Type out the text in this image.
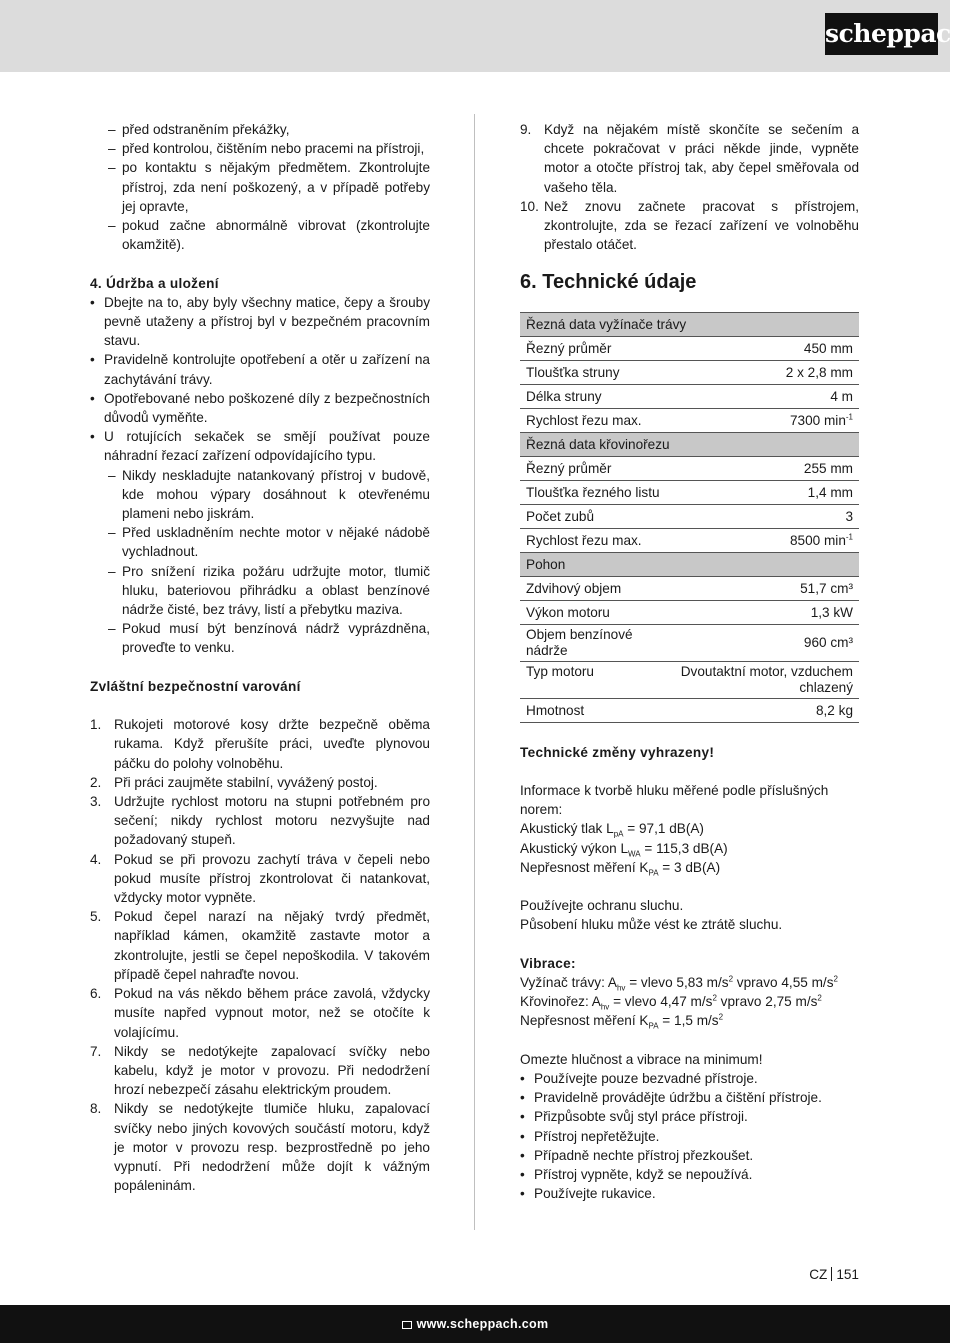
scheppach
– před odstraněním překážky,
– před kontrolou, čištěním nebo pracemi na přístroji,
– po kontaktu s nějakým předmětem. Zkontrolujte přístroj, zda není poškozený, a v případě potřeby jej opravte,
– pokud začne abnormálně vibrovat (zkontrolujte okamžitě).
4. Údržba a uložení
• Dbejte na to, aby byly všechny matice, čepy a šrouby pevně utaženy a přístroj byl v bezpečném pracovním stavu.
• Pravidelně kontrolujte opotřebení a otěr u zařízení na zachytávání trávy.
• Opotřebované nebo poškozené díly z bezpečnostních důvodů vyměňte.
• U rotujících sekaček se smějí používat pouze náhradní řezací zařízení odpovídajícího typu.
– Nikdy neskladujte natankovaný přístroj v budově, kde mohou výpary dosáhnout k otevřenému plameni nebo jiskrám.
– Před uskladněním nechte motor v nějaké nádobě vychladnout.
– Pro snížení rizika požáru udržujte motor, tlumič hluku, bateriovou přihrádku a oblast benzínové nádrže čisté, bez trávy, listí a přebytku maziva.
– Pokud musí být benzínová nádrž vyprázdněna, proveďte to venku.
Zvláštní bezpečnostní varování
1. Rukojeti motorové kosy držte bezpečně oběma rukama. Když přerušíte práci, uveďte plynovou páčku do polohy volnoběhu.
2. Při práci zaujměte stabilní, vyvážený postoj.
3. Udržujte rychlost motoru na stupni potřebném pro sečení; nikdy rychlost motoru nezvyšujte nad požadovaný stupeň.
4. Pokud se při provozu zachytí tráva v čepeli nebo pokud musíte přístroj zkontrolovat či natankovat, vždycky motor vypněte.
5. Pokud čepel narazí na nějaký tvrdý předmět, například kámen, okamžitě zastavte motor a zkontrolujte, jestli se čepel nepoškodila. V takovém případě čepel nahraďte novou.
6. Pokud na vás někdo během práce zavolá, vždycky musíte napřed vypnout motor, než se otočíte k volajícímu.
7. Nikdy se nedotýkejte zapalovací svíčky nebo kabelu, když je motor v provozu. Při nedodržení hrozí nebezpečí zásahu elektrickým proudem.
8. Nikdy se nedotýkejte tlumiče hluku, zapalovací svíčky nebo jiných kovových součástí motoru, když je motor v provozu resp. bezprostředně po jeho vypnutí. Při nedodržení může dojít k vážným popáleninám.
9. Když na nějakém místě skončíte se sečením a chcete pokračovat v práci někde jinde, vypněte motor a otočte přístroj tak, aby čepel směřovala od vašeho těla.
10. Než znovu začnete pracovat s přístrojem, zkontrolujte, zda se řezací zařízení ve volnoběhu přestalo otáčet.
6. Technické údaje
Řezná data vyžínače trávy	
Řezný průměr	450 mm
Tloušťka struny	2 x 2,8 mm
Délka struny	4 m
Rychlost řezu max.	7300 $\min^{-1}$
Řezná data křovinořezu	
Řezný průměr	255 mm
Tloušťka řezného listu	1,4 mm
Počet zubů	3
Rychlost řezu max.	8500 $\min^{-1}$
Pohon	
Zdvihový objem	51,7 cm³
Výkon motoru	1,3 kW
Objem benzínové nádrže	960 cm³
Typ motoru	Dvoutaktní motor, vzduchem chlazený
Hmotnost	8,2 kg
Technické změny vyhrazeny!
Informace k tvorbě hluku měřené podle příslušných norem:
Akustický tlak $L_{pA} = 97,1$ dB(A)
Akustický výkon $L_{WA} = 115,3$ dB(A)
Nepřesnost měření $K_{PA} = 3$ dB(A)
Používejte ochranu sluchu.
Působení hluku může vést ke ztrátě sluchu.
Vibrace:
Vyžínač trávy: $A_{hv}$ = vlevo 5,83 $m/s^2$ vpravo 4,55 $m/s^2$
Křovinořez: $A_{hv}$ = vlevo 4,47 $m/s^2$ vpravo 2,75 $m/s^2$
Nepřesnost měření $K_{PA} = 1,5$ $m/s^2$
Omezte hlučnost a vibrace na minimum!
• Používejte pouze bezvadné přístroje.
• Pravidelně provádějte údržbu a čištění přístroje.
• Přizpůsobte svůj styl práce přístroji.
• Přístroj nepřetěžujte.
• Případně nechte přístroj přezkoušet.
• Přístroj vypněte, když se nepoužívá.
• Používejte rukavice.
CZ 151
www.scheppach.com
